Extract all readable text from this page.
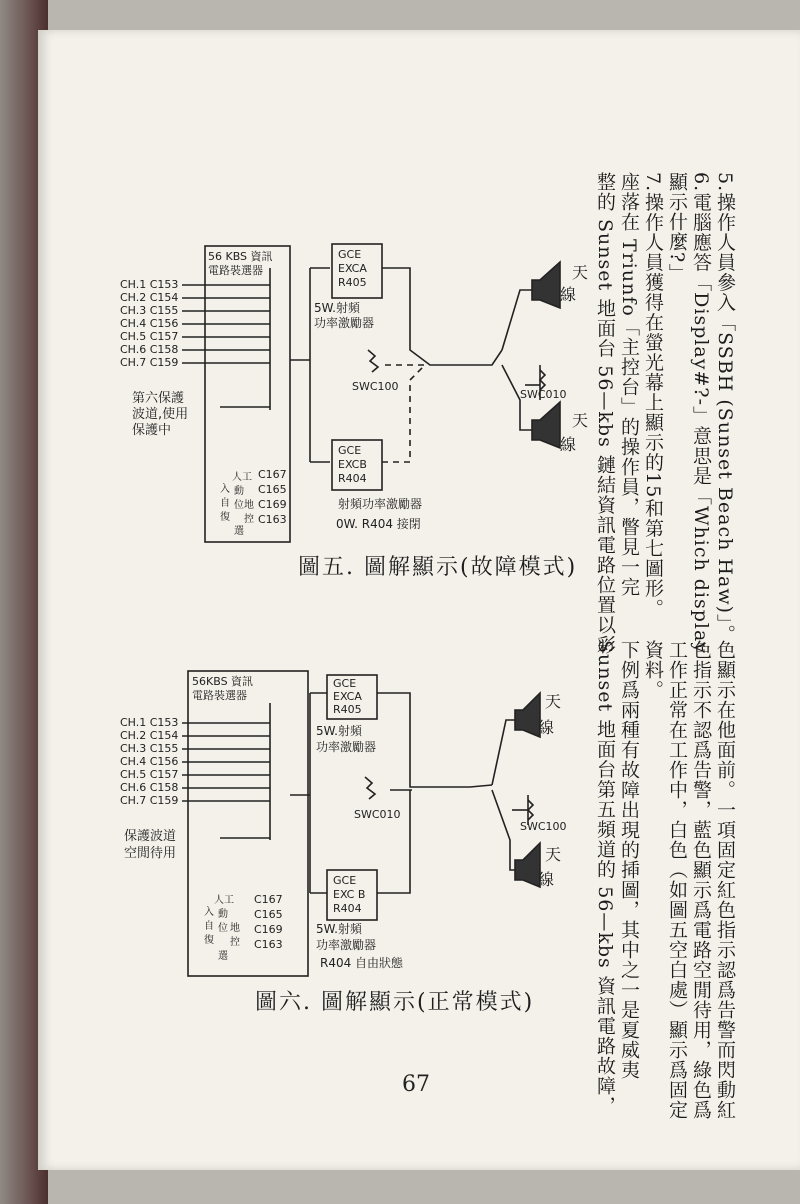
5.操作人員參入「SSBH (Sunset Beach Haw)」。
6.電腦應答「Display#?-」意思是「Which display
顯示什麼?」
7.操作人員獲得在螢光幕上顯示的15和第七圖形。
座落在 Triunfo「主控台」的操作員，瞥見一完
整的 Sunset 地面台 56—kbs 鏈結資訊電路位置以彩
色顯示在他面前。一項固定紅色指示認爲告警而閃動紅
色指示不認爲告警，藍色顯示爲電路空閒待用，綠色爲
工作正常在工作中，白色（如圖五空白處）顯示爲固定
資料。
下例爲兩種有故障出現的揷圖，其中之一是夏威夷
Sunset 地面台第五頻道的 56—kbs 資訊電路故障，
56 KBS 資訊
電路裝選器
CH.1 C153
CH.2 C154
CH.3 C155
CH.4 C156
CH.5 C157
CH.6 C158
CH.7 C159
第六保護
波道,使用
保護中
人工
入
自
復
動
位 地
控
選
C167
C165
C169
C163
GCE
EXCA
R405
5W.射頻
功率激勵器
GCE
EXCB
R404
射頻功率激勵器
0W. R404 接閉
SWC100
SWC010
天
線
天
線
圖五. 圖解顯示(故障模式)
56KBS 資訊
電路裝選器
CH.1 C153
CH.2 C154
CH.3 C155
CH.4 C156
CH.5 C157
CH.6 C158
CH.7 C159
保護波道
空閒待用
人工
入
自
復
動
位 地
控
選
C167
C165
C169
C163
GCE
EXCA
R405
5W.射頻
功率激勵器
GCE
EXC B
R404
5W.射頻
功率激勵器
R404 自由狀態
SWC010
SWC100
天
線
天
線
圖六. 圖解顯示(正常模式)
67
